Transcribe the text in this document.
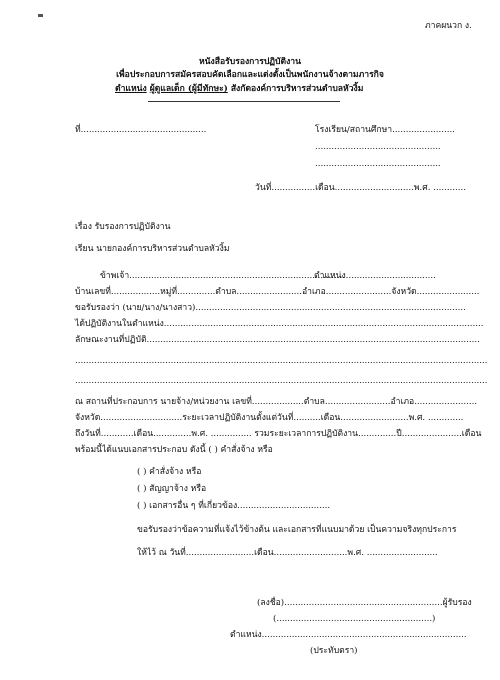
ภาคผนวก ง.
หนังสือรับรองการปฏิบัติงาน
เพื่อประกอบการสมัครสอบคัดเลือกและแต่งตั้งเป็นพนักงานจ้างตามภารกิจ
ตำแหน่ง ผู้ดูแลเด็ก (ผู้มีทักษะ) สังกัดองค์การบริหารส่วนตำบลหัวงิ้ม
ที่..............................................	โรงเรียน/สถานศึกษา.......................
..............................................
..............................................
วันที่................เดือน.............................พ.ศ. ............
เรื่อง รับรองการปฏิบัติงาน
เรียน นายกองค์การบริหารส่วนตำบลหัวงิ้ม
ข้าพเจ้า...............................................................................
ตำแหน่ง.................................
บ้านเลขที่..................หมู่ที่..............ตำบล........................อำเภอ........................จังหวัด.......................
ขอรับรองว่า (นาย/นาง/นางสาว)...................................................................................................
ได้ปฏิบัติงานในตำแหน่ง.....................................................................................................................
ลักษณะงานที่ปฏิบัติ..........................................................................................................................
.......................................................................................................................................................
.......................................................................................................................................................
ณ สถานที่ประกอบการ นายจ้าง/หน่วยงาน เลขที่...................ตำบล........................อำเภอ.......................
จังหวัด..............................ระยะเวลาปฏิบัติงานตั้งแต่วันที่..........เดือน.........................พ.ศ. .............
ถึงวันที่............เดือน..............พ.ศ. ............... รวมระยะเวลาการปฏิบัติงาน..............ปี......................เดือน
พร้อมนี้ได้แนบเอกสารประกอบ ดังนี้ ( ) คำสั่งจ้าง หรือ
( ) คำสั่งจ้าง หรือ
( ) สัญญาจ้าง หรือ
( ) เอกสารอื่น ๆ ที่เกี่ยวข้อง..................................
ขอรับรองว่าข้อความที่แจ้งไว้ข้างต้น และเอกสารที่แนบมาด้วย เป็นความจริงทุกประการ
ให้ไว้ ณ วันที่.........................เดือน...........................พ.ศ. ..........................
(ลงชื่อ)..........................................................ผู้รับรอง
(.........................................................)
ตำแหน่ง...........................................................................
(ประทับตรา)
